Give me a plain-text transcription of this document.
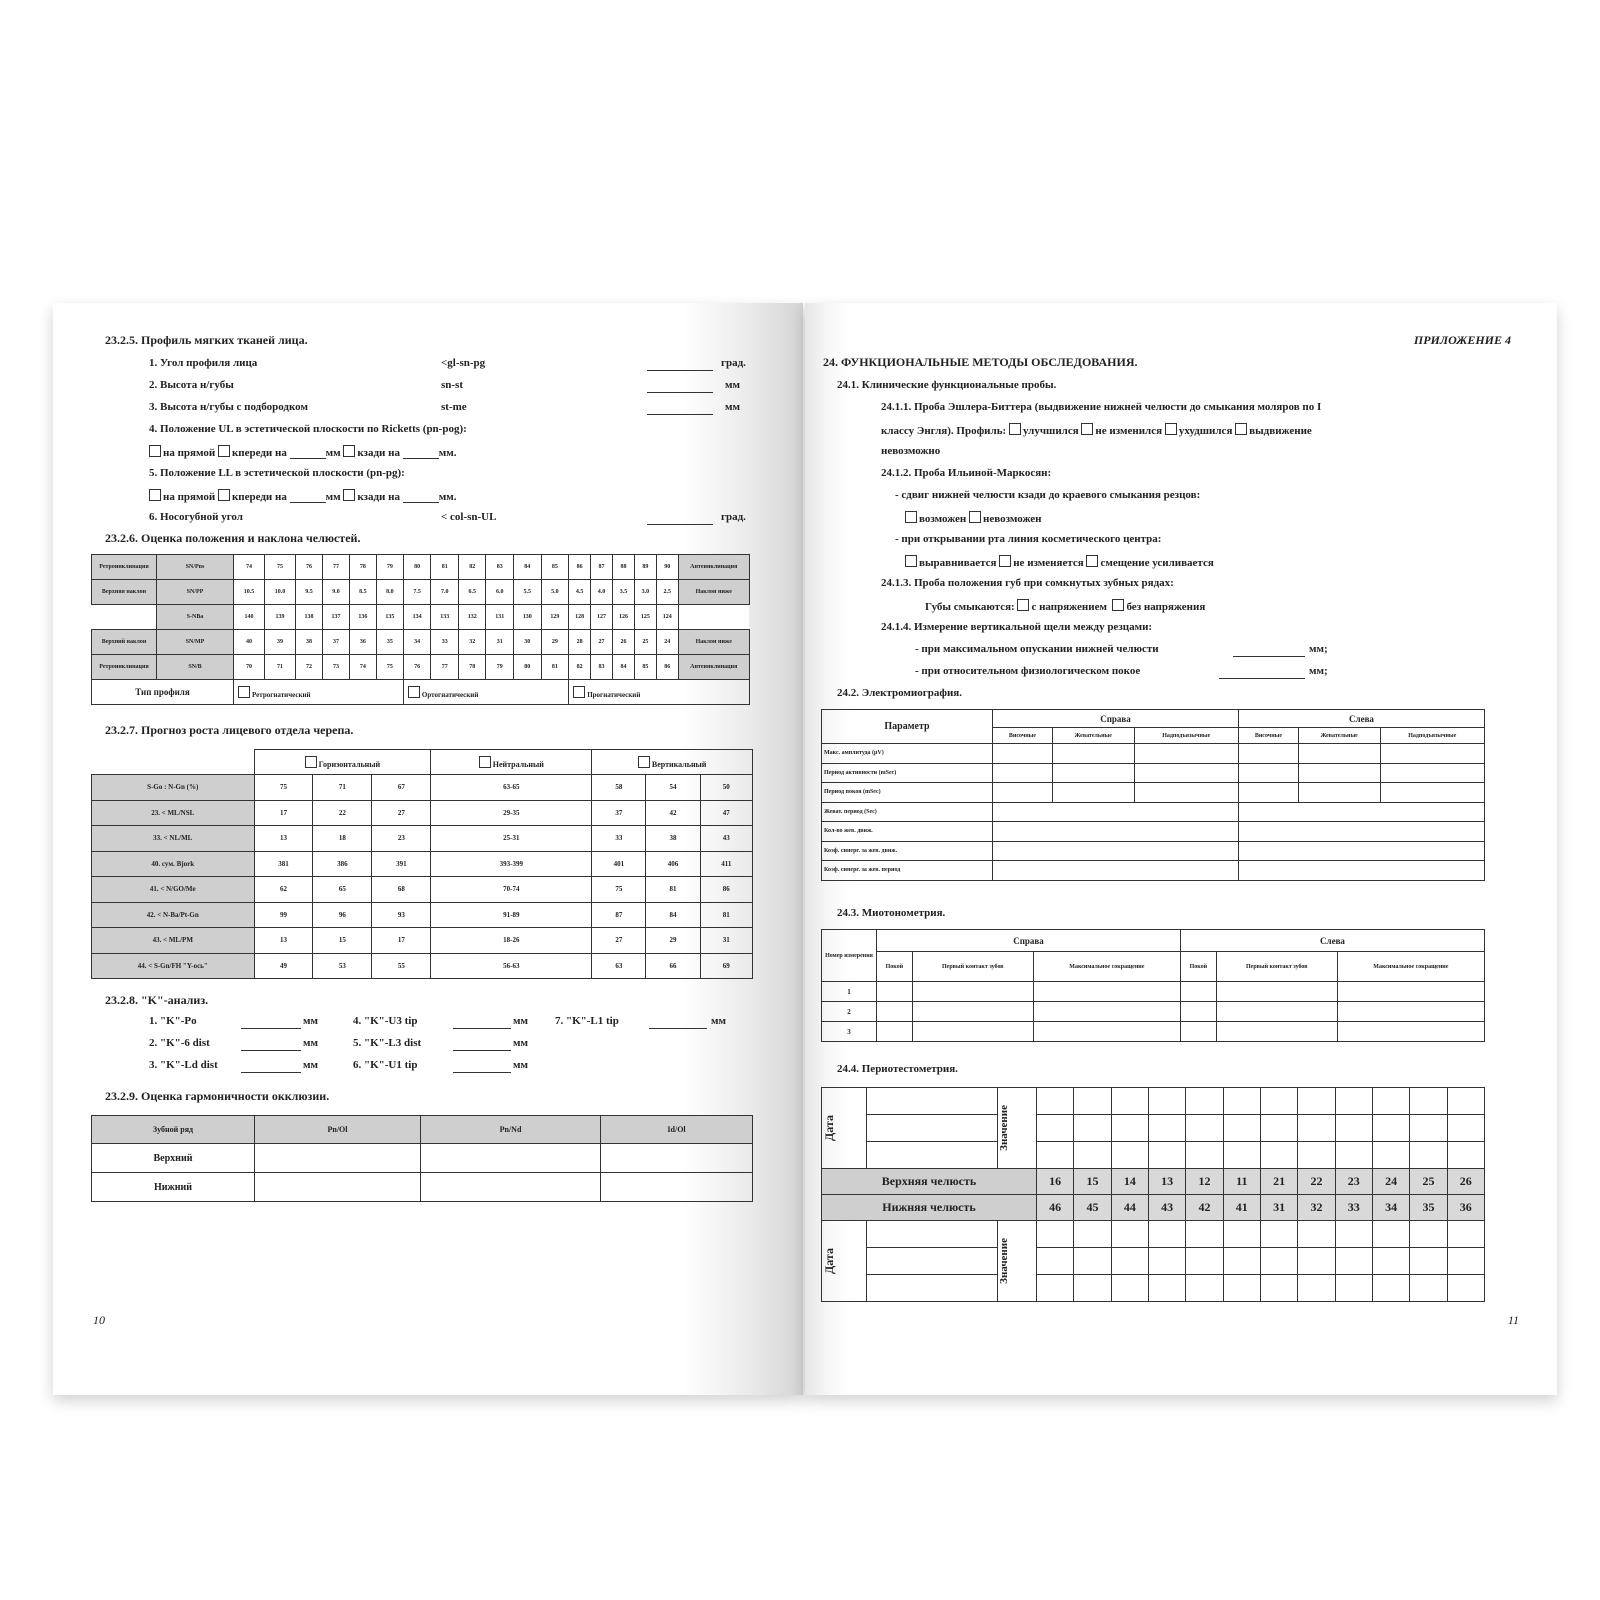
23.2.5. Профиль мягких тканей лица.
1. Угол профиля лица	<gl-sn-pg	град.
2. Высота н/губы	sn-st	мм
3. Высота н/губы с подбородком	st-me	мм
4. Положение UL в эстетической плоскости по Ricketts (pn-pog):
на прямой кпереди на	мм кзади на	мм.
5. Положение LL в эстетической плоскости (pn-pg):
на прямой кпереди на	мм кзади на	мм.
6. Носогубной угол	< col-sn-UL	град.
23.2.6. Оценка положения и наклона челюстей.
Ретроинклинация	SN/Pns	74	75	76	77	78	79	80	81	82	83	84	85	86	87	88	89	90	Антеинклинация	
Верхняя наклон	SN/PP	10.5	10.0	9.5	9.0	8.5	8.0	7.5	7.0	6.5	6.0	5.5	5.0	4.5	4.0	3.5	3.0	2.5	Наклон ниже	
	S-NBa	140	139	138	137	136	135	134	133	132	131	130	129	128	127	126	125	124		
Верхний наклон	SN/MP	40	39	38	37	36	35	34	33	32	31	30	29	28	27	26	25	24	Наклон ниже	
Ретроинклинация	SN/B	70	71	72	73	74	75	76	77	78	79	80	81	82	83	84	85	86	Антеинклинация	
Тип профиля		Ретрогнатический						Ортогнатический						Прогнатический						
23.2.7. Прогноз роста лицевого отдела черепа.
	Горизонтальный			Нейтральный	Вертикальный		
S-Go : N-Gn (%)	75	71	67	63-65	58	54	50
23. < ML/NSL	17	22	27	29-35	37	42	47
33. < NL/ML	13	18	23	25-31	33	38	43
40. сум. Bjork	381	386	391	393-399	401	406	411
41. < N/GO/Me	62	65	68	70-74	75	81	86
42. < N-Ba/Pt-Gn	99	96	93	91-89	87	84	81
43. < ML/PM	13	15	17	18-26	27	29	31
44. < S-Gn/FH "Y-ось"	49	53	55	56-63	63	66	69
23.2.8. "K"-анализ.
1. "K"-Po	мм	4. "K"-U3 tip	мм 7. "K"-L1 tip	мм
2. "K"-6 dist	мм	5. "K"-L3 dist	мм
3. "K"-Ld dist	мм	6. "K"-U1 tip	мм
23.2.9. Оценка гармоничности окклюзии.
Зубной ряд	Pn/Ol	Pn/Nd	Id/Ol
Верхний			
Нижний			
10
ПРИЛОЖЕНИЕ 4
24. ФУНКЦИОНАЛЬНЫЕ МЕТОДЫ ОБСЛЕДОВАНИЯ.
24.1. Клинические функциональные пробы.
24.1.1. Проба Эшлера-Биттера (выдвижение нижней челюсти до смыкания моляров по I
классу Энгля). Профиль: улучшился не изменился ухудшился выдвижение
невозможно
24.1.2. Проба Ильиной-Маркосян:
- сдвиг нижней челюсти кзади до краевого смыкания резцов:
возможен невозможен
- при открывании рта линия косметического центра:
выравнивается не изменяется смещение усиливается
24.1.3. Проба положения губ при сомкнутых зубных рядах:
Губы смыкаются: с напряжением без напряжения
24.1.4. Измерение вертикальной щели между резцами:
- при максимальном опускании нижней челюсти	мм;
- при относительном физиологическом покое	мм;
24.2. Электромиография.
Параметр	Справа			Слева		
	Височные	Жевательные	Надподъязычные	Височные	Жевательные	Надподъязычные
Макс. амплитуда (μV)						
Период активности (mSec)						
Период покоя (mSec)						
Жеват. период (Sec)						
Кол-во жев. движ.						
Коэф. синерг. за жев. движ.						
Коэф. синерг. за жев. период						
24.3. Миотонометрия.
Номер измерения	Справа			Слева		
	Покой	Первый контакт зубов	Максимальное сокращение	Покой	Первый контакт зубов	Максимальное сокращение
1						
2						
3						
24.4. Периотестометрия.
Дата		Значение												

Верхняя челюсть			16	15	14	13	12	11	21	22	23	24	25	26
Нижняя челюсть			46	45	44	43	42	41	31	32	33	34	35	36

Дата		Значение												

11
